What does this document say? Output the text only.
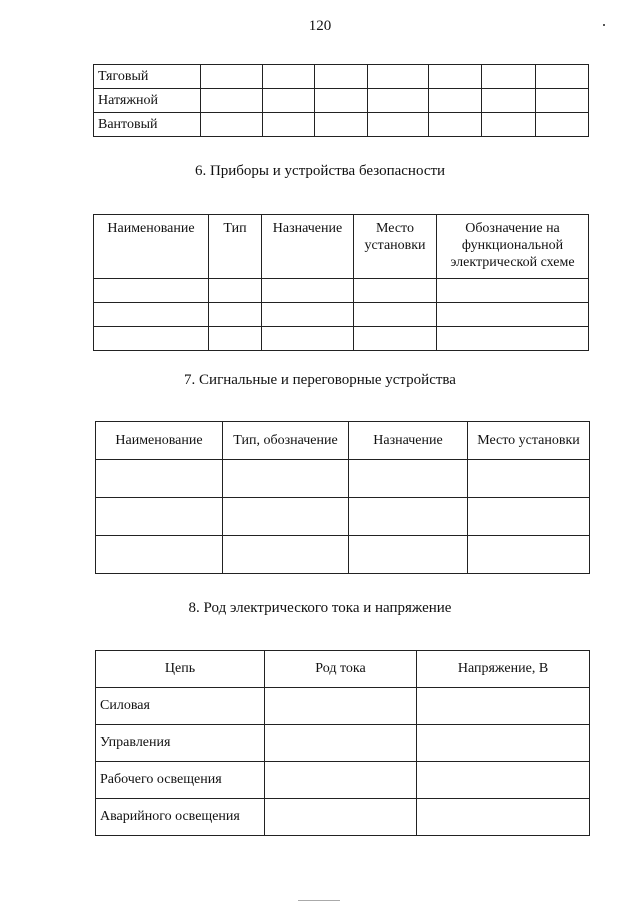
120
Тяговый							
Натяжной							
Вантовый							
6. Приборы и устройства безопасности
Наименование	Тип	Назначение	Место установки	Обозначение на функциональной электрической схеме

7. Сигнальные и переговорные устройства
Наименование	Тип, обозначение	Назначение	Место установки

8. Род электрического тока и напряжение
Цепь	Род тока	Напряжение, В
Силовая		
Управления		
Рабочего освещения		
Аварийного освещения		
